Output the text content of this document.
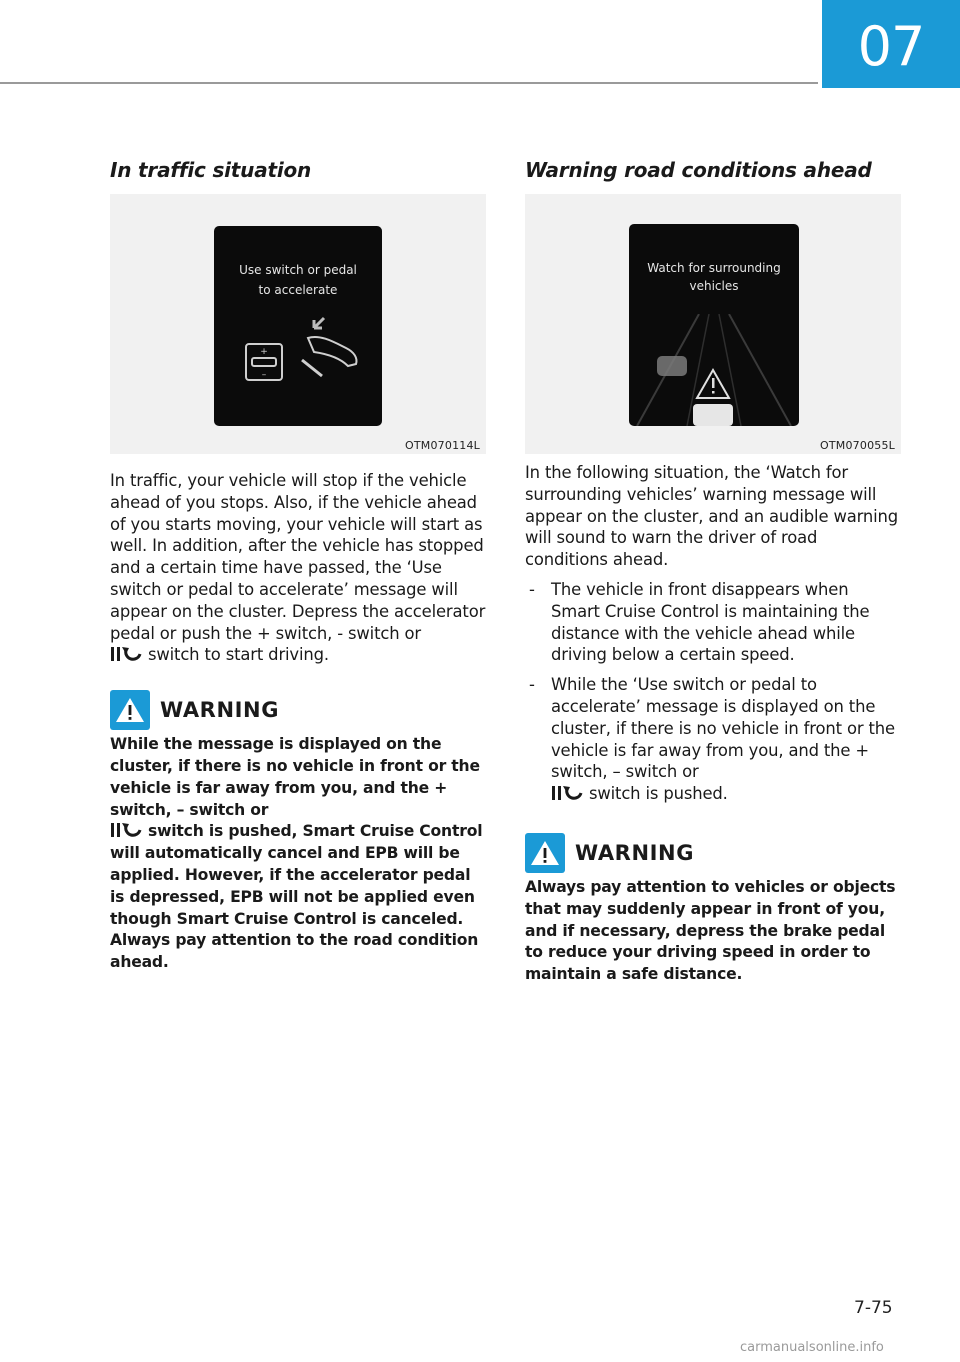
07
In traffic situation
Use switch or pedal
to accelerate
+
–
OTM070114L
In traffic, your vehicle will stop if the vehicle ahead of you stops. Also, if the vehicle ahead of you starts moving, your vehicle will start as well. In addition, after the vehicle has stopped and a certain time have passed, the ‘Use switch or pedal to accelerate’ message will appear on the cluster. Depress the accelerator pedal or push the + switch, - switch or
switch to start driving.
WARNING
While the message is displayed on the cluster, if there is no vehicle in front or the vehicle is far away from you, and the + switch, – switch or
switch is pushed, Smart Cruise Control will automatically cancel and EPB will be applied. However, if the accelerator pedal is depressed, EPB will not be applied even though Smart Cruise Control is canceled. Always pay attention to the road condition ahead.
Warning road conditions ahead
Watch for surrounding
vehicles
OTM070055L
In the following situation, the ‘Watch for surrounding vehicles’ warning message will appear on the cluster, and an audible warning will sound to warn the driver of road conditions ahead.
- The vehicle in front disappears when Smart Cruise Control is maintaining the distance with the vehicle ahead while driving below a certain speed.
- While the ‘Use switch or pedal to accelerate’ message is displayed on the cluster, if there is no vehicle in front or the vehicle is far away from you, and the + switch, – switch or
switch is pushed.
WARNING
Always pay attention to vehicles or objects that may suddenly appear in front of you, and if necessary, depress the brake pedal to reduce your driving speed in order to maintain a safe distance.
7-75
carmanualsonline.info
